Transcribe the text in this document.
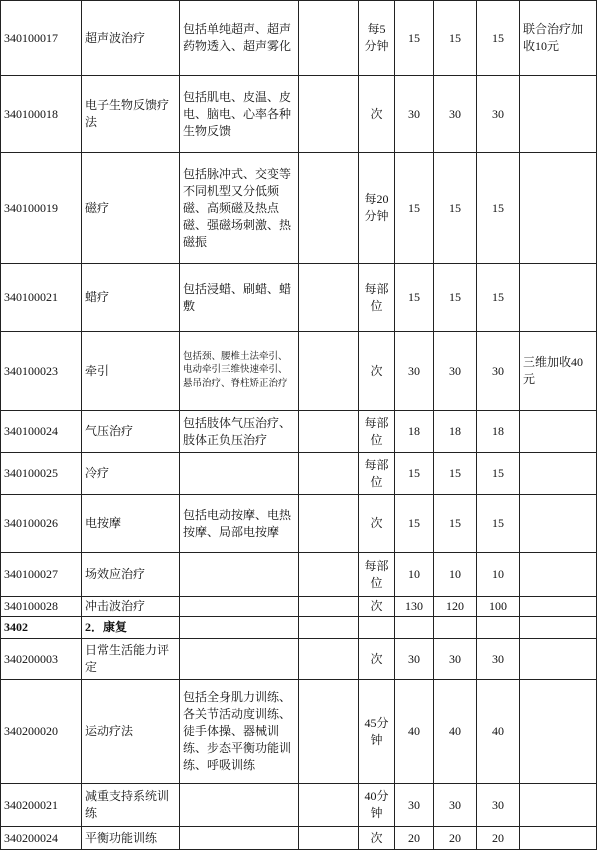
340100017	超声波治疗	包括单纯超声、超声药物透入、超声雾化		每5分钟	15	15	15	联合治疗加收10元
340100018	电子生物反馈疗法	包括肌电、皮温、皮电、脑电、心率各种生物反馈		次	30	30	30	
340100019	磁疗	包括脉冲式、交变等不同机型又分低频磁、高频磁及热点磁、强磁场刺激、热磁振		每20分钟	15	15	15	
340100021	蜡疗	包括浸蜡、刷蜡、蜡敷		每部位	15	15	15	
340100023	牵引	包括颈、腰椎土法牵引、电动牵引三维快速牵引、悬吊治疗、脊柱矫正治疗		次	30	30	30	三维加收40元
340100024	气压治疗	包括肢体气压治疗、肢体正负压治疗		每部位	18	18	18	
340100025	冷疗			每部位	15	15	15	
340100026	电按摩	包括电动按摩、电热按摩、局部电按摩		次	15	15	15	
340100027	场效应治疗			每部位	10	10	10	
340100028	冲击波治疗			次	130	120	100	
3402	2．康复							
340200003	日常生活能力评定			次	30	30	30	
340200020	运动疗法	包括全身肌力训练、各关节活动度训练、徒手体操、器械训练、步态平衡功能训练、呼吸训练		45分钟	40	40	40	
340200021	减重支持系统训练			40分钟	30	30	30	
340200024	平衡功能训练			次	20	20	20	
